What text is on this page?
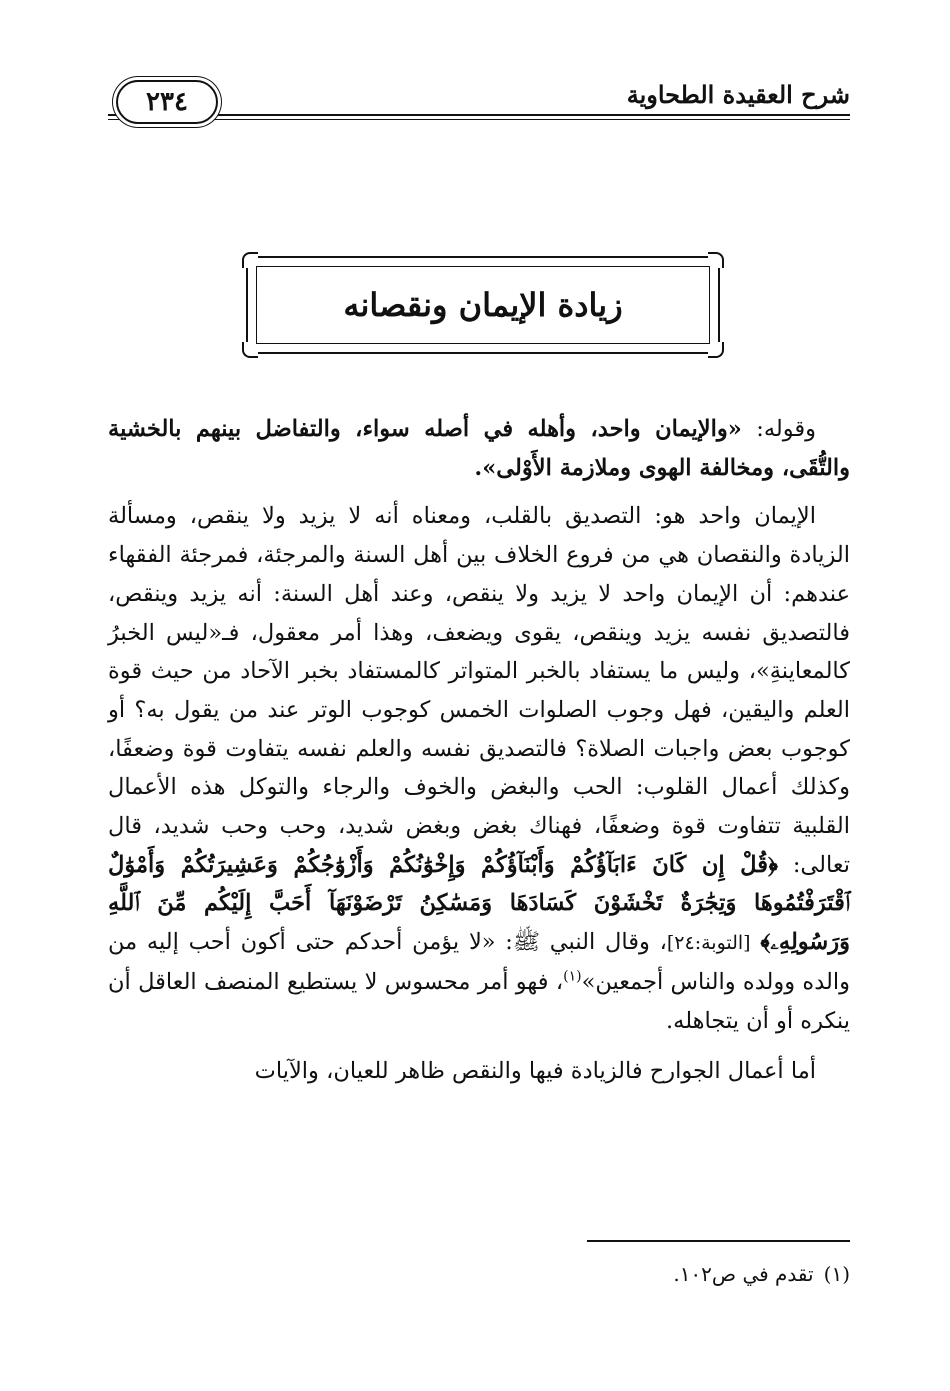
٢٣٤	شرح العقيدة الطحاوية
زيادة الإيمان ونقصانه

وقوله: «والإيمان واحد، وأهله في أصله سواء، والتفاضل بينهم بالخشية والتُّقَى، ومخالفة الهوى وملازمة الأَوْلى».

الإيمان واحد هو: التصديق بالقلب، ومعناه أنه لا يزيد ولا ينقص، ومسألة الزيادة والنقصان هي من فروع الخلاف بين أهل السنة والمرجئة، فمرجئة الفقهاء عندهم: أن الإيمان واحد لا يزيد ولا ينقص، وعند أهل السنة: أنه يزيد وينقص، فالتصديق نفسه يزيد وينقص، يقوى ويضعف، وهذا أمر معقول، فـ«ليس الخبرُ كالمعاينةِ»، وليس ما يستفاد بالخبر المتواتر كالمستفاد بخبر الآحاد من حيث قوة العلم واليقين، فهل وجوب الصلوات الخمس كوجوب الوتر عند من يقول به؟ أو كوجوب بعض واجبات الصلاة؟ فالتصديق نفسه والعلم نفسه يتفاوت قوة وضعفًا، وكذلك أعمال القلوب: الحب والبغض والخوف والرجاء والتوكل هذه الأعمال القلبية تتفاوت قوة وضعفًا، فهناك بغض وبغض شديد، وحب وحب شديد، قال تعالى: ﴿قُلْ إِن كَانَ ءَابَآؤُكُمْ وَأَبْنَآؤُكُمْ وَإِخْوَٰنُكُمْ وَأَزْوَٰجُكُمْ وَعَشِيرَتُكُمْ وَأَمْوَٰلٌ ٱقْتَرَفْتُمُوهَا وَتِجَٰرَةٌ تَخْشَوْنَ كَسَادَهَا وَمَسَٰكِنُ تَرْضَوْنَهَآ أَحَبَّ إِلَيْكُم مِّنَ ٱللَّهِ وَرَسُولِهِۦ﴾ [التوبة:٢٤]، وقال النبي ﷺ: «لا يؤمن أحدكم حتى أكون أحب إليه من والده وولده والناس أجمعين»$^{(١)}$، فهو أمر محسوس لا يستطيع المنصف العاقل أن ينكره أو أن يتجاهله.

أما أعمال الجوارح فالزيادة فيها والنقص ظاهر للعيان، والآيات

(١)تقدم في ص١٠٢.
